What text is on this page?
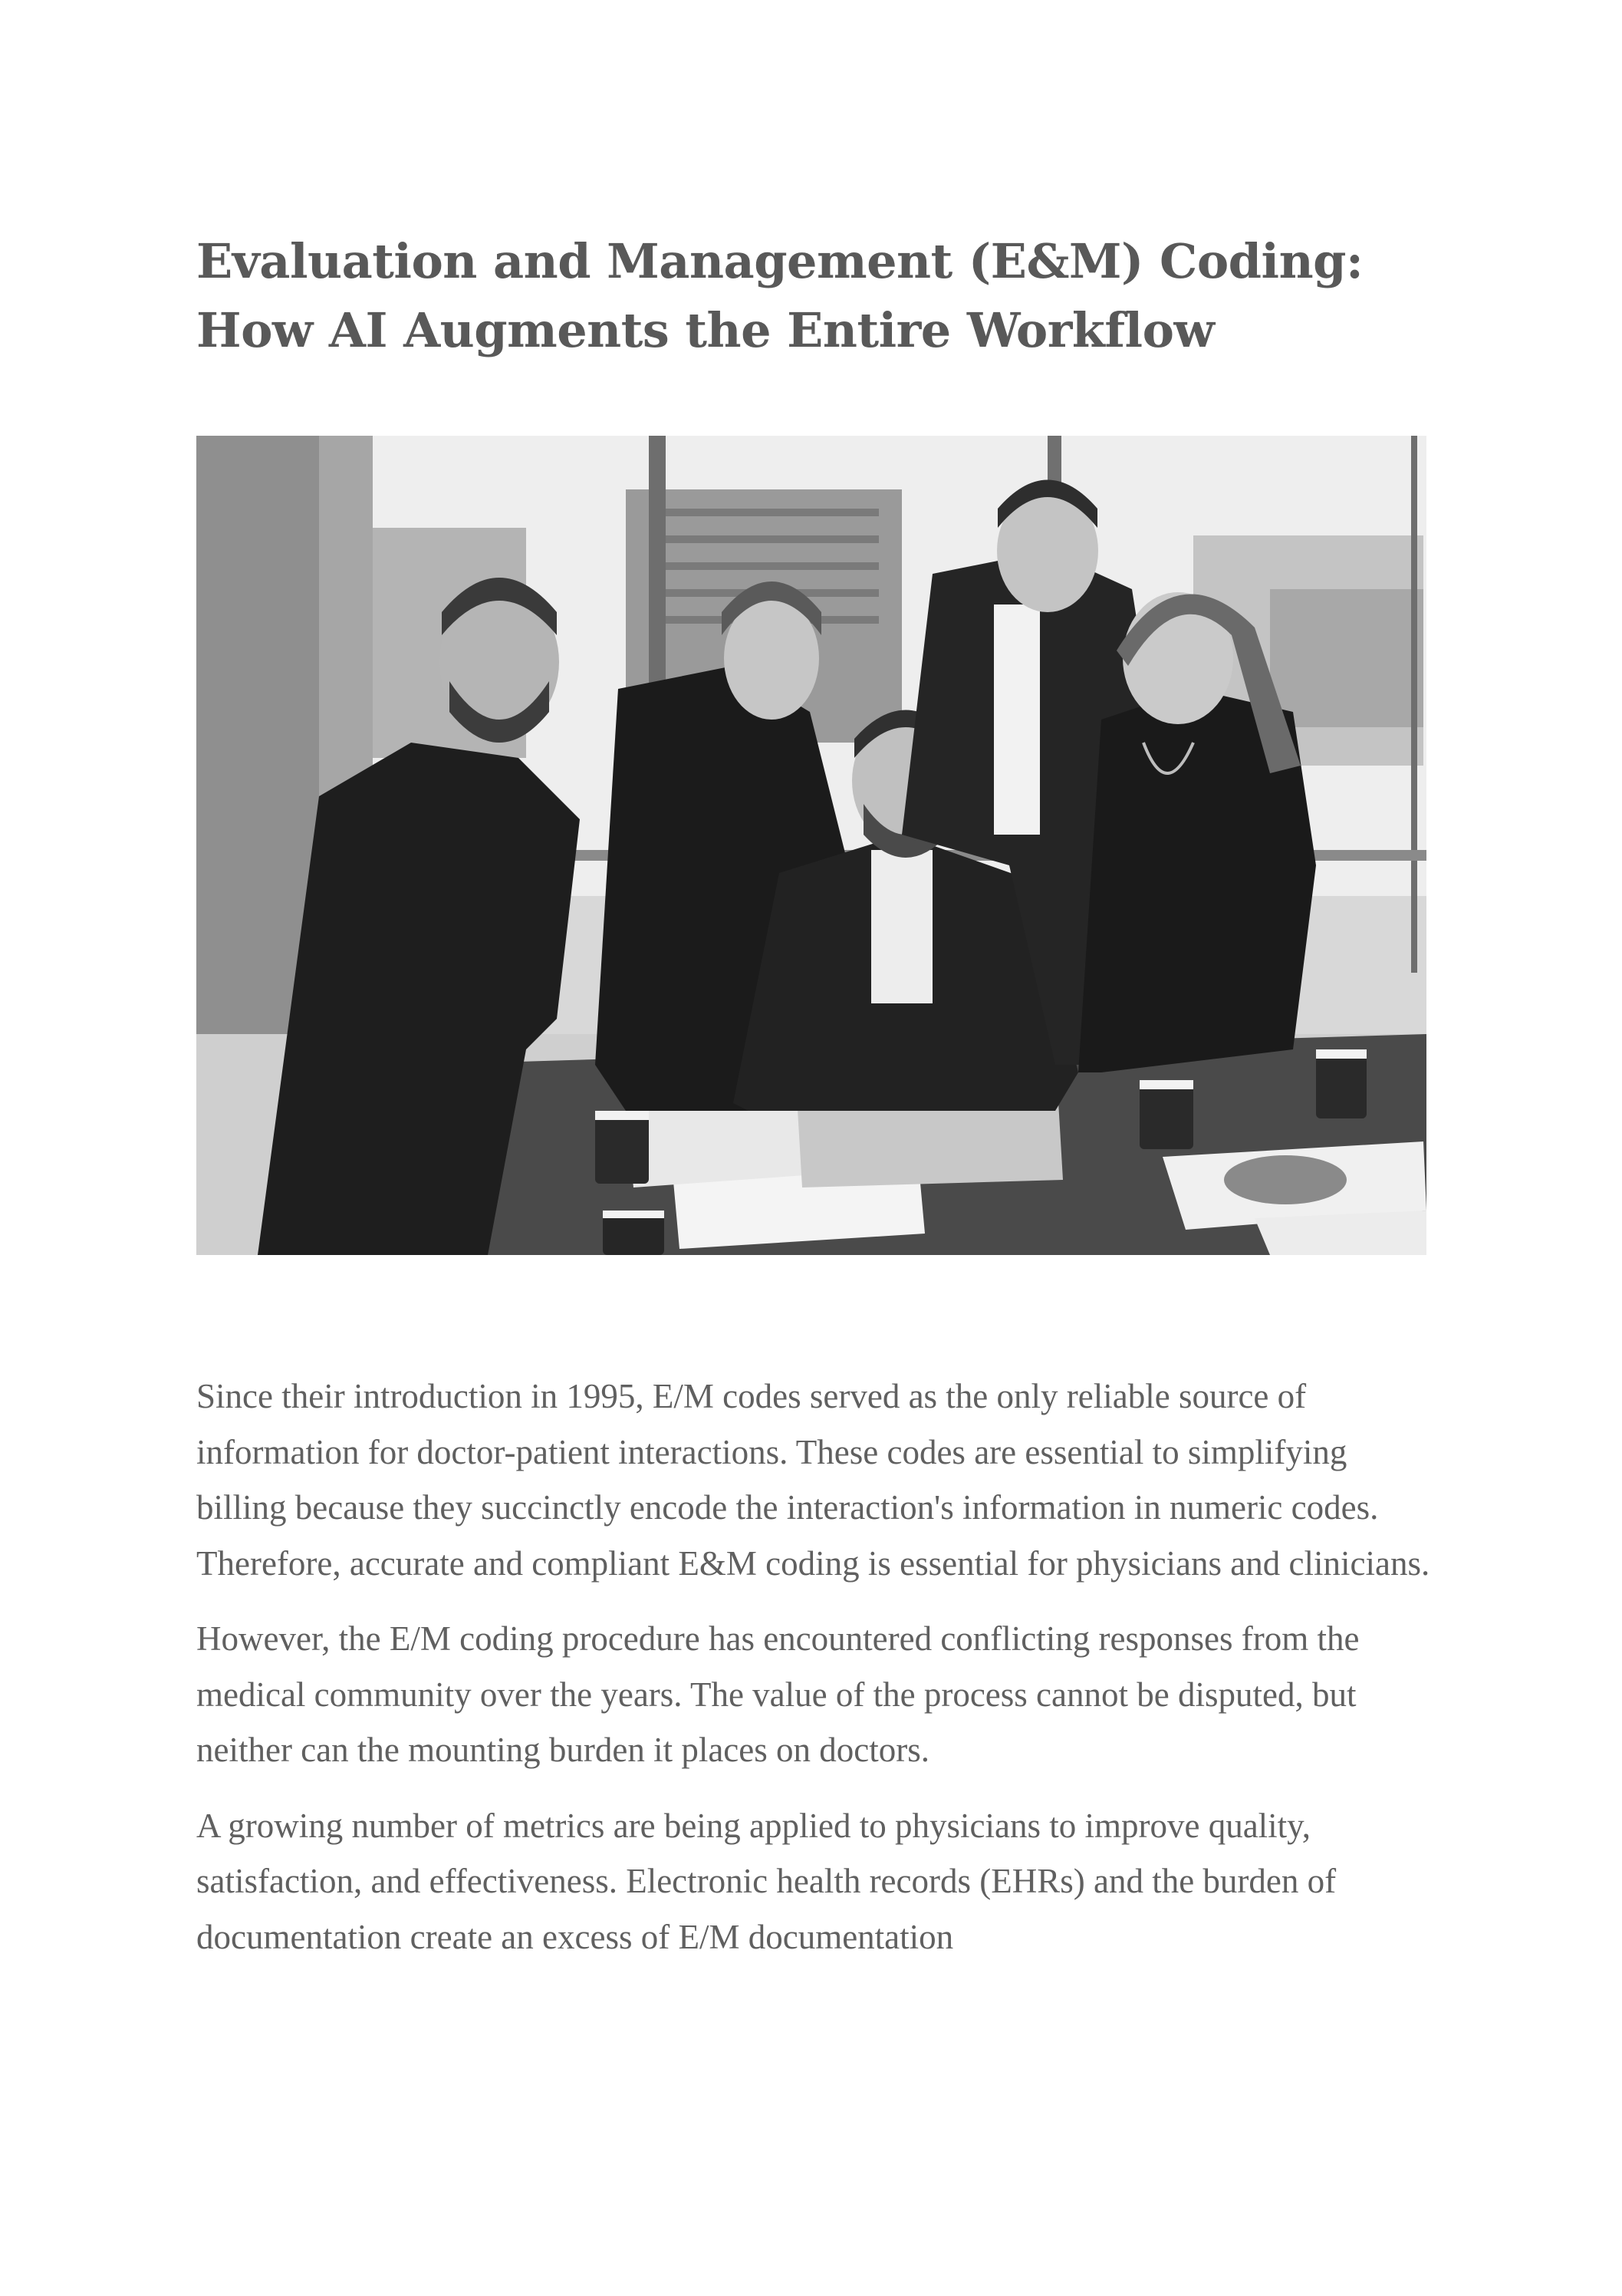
Evaluation and Management (E&M) Coding: How AI Augments the Entire Workflow

Since their introduction in 1995, E/M codes served as the only reliable source of information for doctor-patient interactions. These codes are essential to simplifying billing because they succinctly encode the interaction's information in numeric codes. Therefore, accurate and compliant E&M coding is essential for physicians and clinicians.

However, the E/M coding procedure has encountered conflicting responses from the medical community over the years. The value of the process cannot be disputed, but neither can the mounting burden it places on doctors.

A growing number of metrics are being applied to physicians to improve quality, satisfaction, and effectiveness. Electronic health records (EHRs) and the burden of documentation create an excess of E/M documentation
